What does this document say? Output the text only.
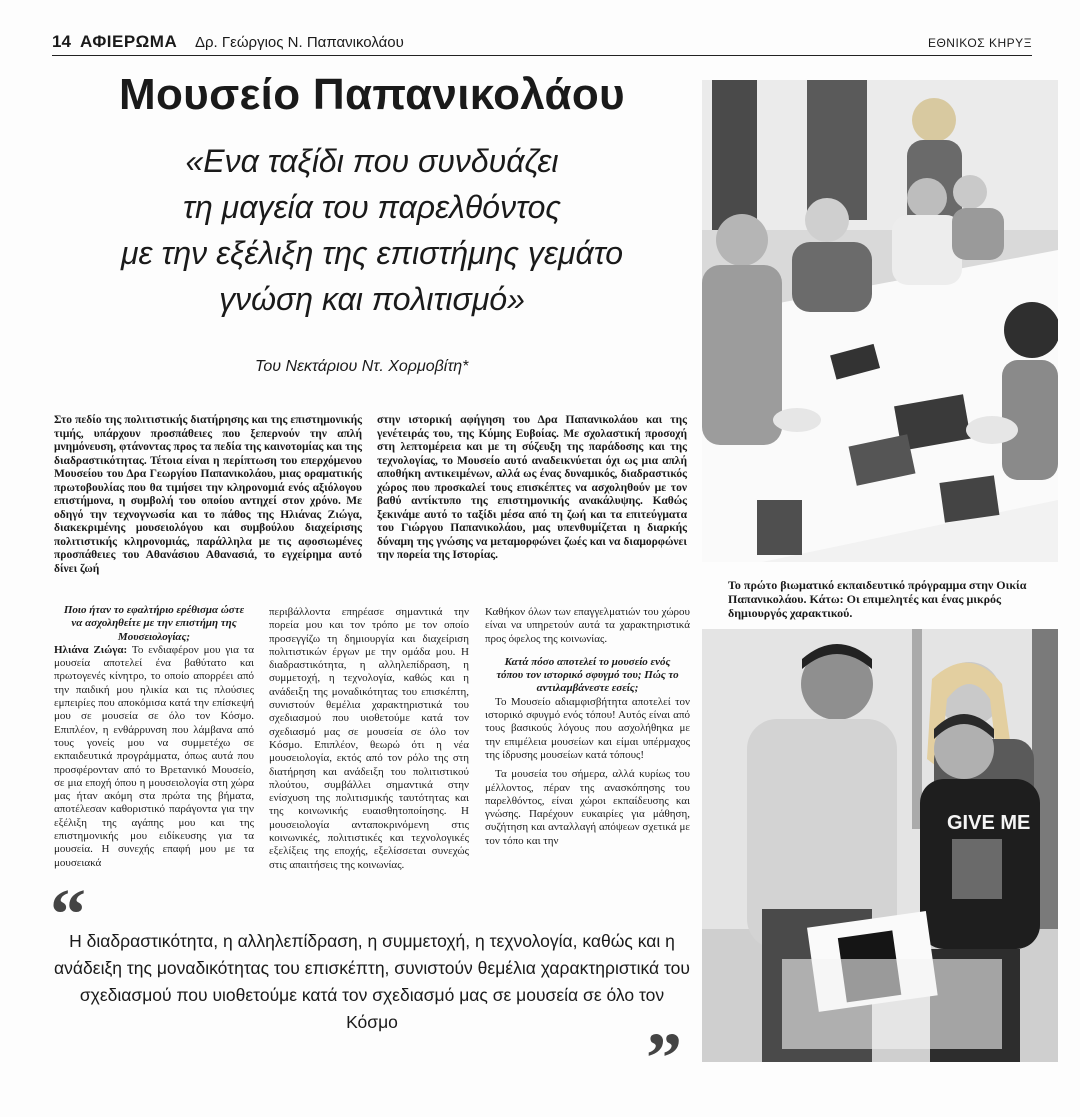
14 ΑΦΙΕΡΩΜΑ Δρ. Γεώργιος Ν. Παπανικολάου	ΕΘΝΙΚΟΣ ΚΗΡΥΞ
Μουσείο Παπανικολάου
«Ενα ταξίδι που συνδυάζει
τη μαγεία του παρελθόντος
με την εξέλιξη της επιστήμης γεμάτο
γνώση και πολιτισμό»
Του Νεκτάριου Ντ. Χορμοβίτη*

Στο πεδίο της πολιτιστικής διατήρησης και της επιστημονικής τιμής, υπάρχουν προσπάθειες που ξεπερνούν την απλή μνημόνευση, φτάνοντας προς τα πεδία της καινοτομίας και της διαδραστικότητας. Τέτοια είναι η περίπτωση του επερχόμενου Μουσείου του Δρα Γεωργίου Παπανικολάου, μιας οραματικής πρωτοβουλίας που θα τιμήσει την κληρονομιά ενός αξιόλογου επιστήμονα, η συμβολή του οποίου αντηχεί στον χρόνο. Με οδηγό την τεχνογνωσία και το πάθος της Ηλιάνας Ζιώγα, διακεκριμένης μουσειολόγου και συμβούλου διαχείρισης πολιτιστικής κληρονομιάς, παράλληλα με τις αφοσιωμένες προσπάθειες του Αθανάσιου Αθανασιά, το εγχείρημα αυτό δίνει ζωή

στην ιστορική αφήγηση του Δρα Παπανικολάου και της γενέτειράς του, της Κύμης Ευβοίας. Με σχολαστική προσοχή στη λεπτομέρεια και με τη σύζευξη της παράδοσης και της τεχνολογίας, το Μουσείο αυτό αναδεικνύεται όχι ως μια απλή αποθήκη αντικειμένων, αλλά ως ένας δυναμικός, διαδραστικός χώρος που προσκαλεί τους επισκέπτες να ασχοληθούν με τον βαθύ αντίκτυπο της επιστημονικής ανακάλυψης. Καθώς ξεκινάμε αυτό το ταξίδι μέσα από τη ζωή και τα επιτεύγματα του Γιώργου Παπανικολάου, μας υπενθυμίζεται η διαρκής δύναμη της γνώσης να μεταμορφώνει ζωές και να διαμορφώνει την πορεία της Ιστορίας.

Ποιο ήταν το εφαλτήριο ερέθισμα ώστε να ασχοληθείτε με την επιστήμη της Μουσειολογίας;

Ηλιάνα Ζιώγα: Το ενδιαφέρον μου για τα μουσεία αποτελεί ένα βαθύτατο και πρωτογενές κίνητρο, το οποίο απορρέει από την παιδική μου ηλικία και τις πλούσιες εμπειρίες που αποκόμισα κατά την επίσκεψή μου σε μουσεία σε όλο τον Κόσμο. Επιπλέον, η ενθάρρυνση που λάμβανα από τους γονείς μου να συμμετέχω σε εκπαιδευτικά προγράμματα, όπως αυτά που προσφέρονταν από το Βρετανικό Μουσείο, σε μια εποχή όπου η μουσειολογία στη χώρα μας ήταν ακόμη στα πρώτα της βήματα, αποτέλεσαν καθοριστικό παράγοντα για την εξέλιξη της αγάπης μου και της επιστημονικής μου ειδίκευσης για τα μουσεία. Η συνεχής επαφή μου με τα μουσειακά

περιβάλλοντα επηρέασε σημαντικά την πορεία μου και τον τρόπο με τον οποίο προσεγγίζω τη δημιουργία και διαχείριση πολιτιστικών έργων με την ομάδα μου. Η διαδραστικότητα, η αλληλεπίδραση, η συμμετοχή, η τεχνολογία, καθώς και η ανάδειξη της μοναδικότητας του επισκέπτη, συνιστούν θεμέλια χαρακτηριστικά του σχεδιασμού που υιοθετούμε κατά τον σχεδιασμό μας σε μουσεία σε όλο τον Κόσμο. Επιπλέον, θεωρώ ότι η νέα μουσειολογία, εκτός από τον ρόλο της στη διατήρηση και ανάδειξη του πολιτιστικού πλούτου, συμβάλλει σημαντικά στην ενίσχυση της πολιτισμικής ταυτότητας και της κοινωνικής ευαισθητοποίησης. Η μουσειολογία ανταποκρινόμενη στις κοινωνικές, πολιτιστικές και τεχνολογικές εξελίξεις της εποχής, εξελίσσεται συνεχώς στις απαιτήσεις της κοινωνίας.

Καθήκον όλων των επαγγελματιών του χώρου είναι να υπηρετούν αυτά τα χαρακτηριστικά προς όφελος της κοινωνίας.

Κατά πόσο αποτελεί το μουσείο ενός τόπου τον ιστορικό σφυγμό του; Πώς το αντιλαμβάνεστε εσείς;

Το Μουσείο αδιαμφισβήτητα αποτελεί τον ιστορικό σφυγμό ενός τόπου! Αυτός είναι από τους βασικούς λόγους που ασχολήθηκα με την επιμέλεια μουσείων και είμαι υπέρμαχος της ίδρυσης μουσείων κατά τόπους!

Τα μουσεία του σήμερα, αλλά κυρίως του μέλλοντος, πέραν της ανασκόπησης του παρελθόντος, είναι χώροι εκπαίδευσης και γνώσης. Παρέχουν ευκαιρίες για μάθηση, συζήτηση και ανταλλαγή απόψεων σχετικά με τον τόπο και την

“
Η διαδραστικότητα, η αλληλεπίδραση, η συμμετοχή, η τεχνολογία, καθώς και η ανάδειξη της μοναδικότητας του επισκέπτη, συνιστούν θεμέλια χαρακτηριστικά του σχεδιασμού που υιοθετούμε κατά τον σχεδιασμό μας σε μουσεία σε όλο τον Κόσμο	”
Το πρώτο βιωματικό εκπαιδευτικό πρόγραμμα στην Οικία Παπανικολάου. Κάτω: Οι επιμελητές και ένας μικρός δημιουργός χαρακτικού.
GIVE ME
